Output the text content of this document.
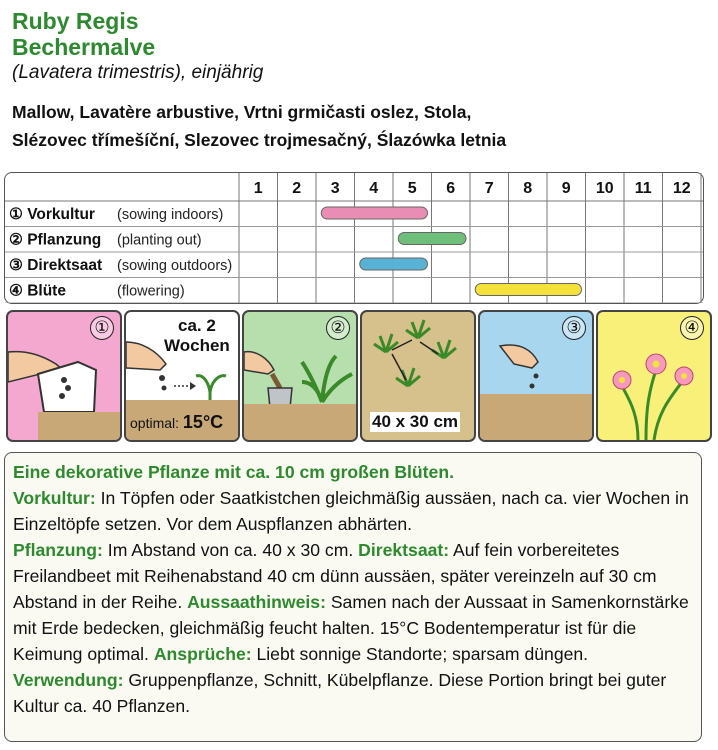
Ruby Regis
Bechermalve
(Lavatera trimestris), einjährig
Mallow, Lavatère arbustive, Vrtni grmičasti oslez, Stola,
Slézovec třímešíční, Slezovec trojmesačný, Ślazówka letnia
1 2 3 4 5 6 7 8 9 10 11 12
① Vorkultur (sowing indoors)
② Pflanzung (planting out)
③ Direktsaat (sowing outdoors)
④ Blüte	(flowering)
①	ca. 2
Wochen
optimal: 15°C
②
40 x 30 cm
③	④
Eine dekorative Pflanze mit ca. 10 cm großen Blüten.
Vorkultur: In Töpfen oder Saatkistchen gleichmäßig aussäen, nach ca. vier Wochen in Einzeltöpfe setzen. Vor dem Auspflanzen abhärten.
Pflanzung: Im Abstand von ca. 40 x 30 cm. Direktsaat: Auf fein vorbereitetes Freilandbeet mit Reihenabstand 40 cm dünn aussäen, später vereinzeln auf 30 cm Abstand in der Reihe. Aussaathinweis: Samen nach der Aussaat in Samenkornstärke mit Erde bedecken, gleichmäßig feucht halten. 15°C Bodentemperatur ist für die Keimung optimal. Ansprüche: Liebt sonnige Standorte; sparsam düngen. Verwendung: Gruppenpflanze, Schnitt, Kübelpflanze. Diese Portion bringt bei guter Kultur ca. 40 Pflanzen.
